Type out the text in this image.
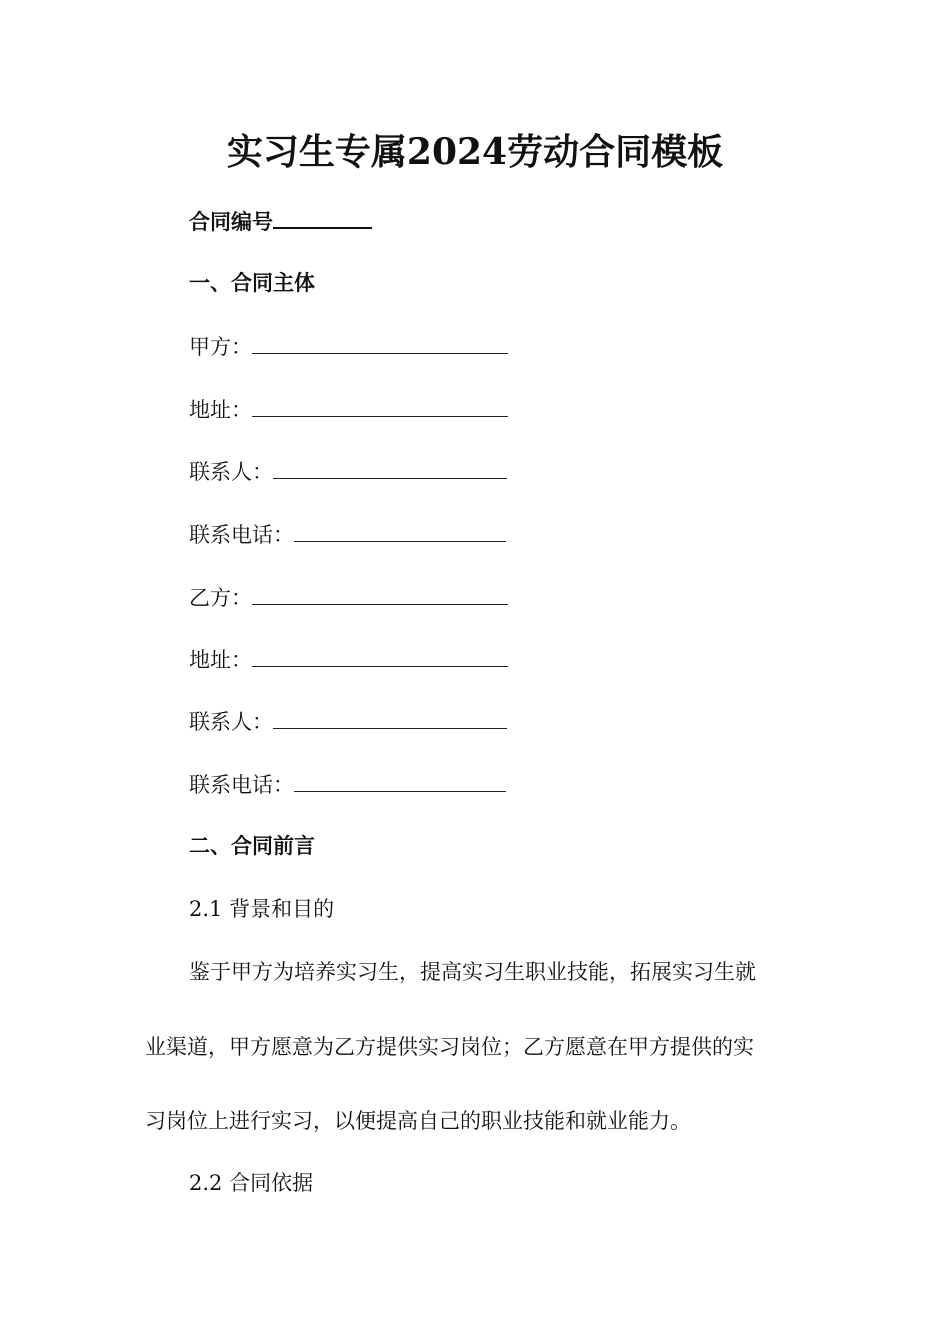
实习生专属2024劳动合同模板
合同编号
一、合同主体
甲方：
地址：
联系人：
联系电话：
乙方：
地址：
联系人：
联系电话：
二、合同前言
2.1 背景和目的
鉴于甲方为培养实习生，提高实习生职业技能，拓展实习生就
业渠道，甲方愿意为乙方提供实习岗位；乙方愿意在甲方提供的实
习岗位上进行实习，以便提高自己的职业技能和就业能力。
2.2 合同依据
